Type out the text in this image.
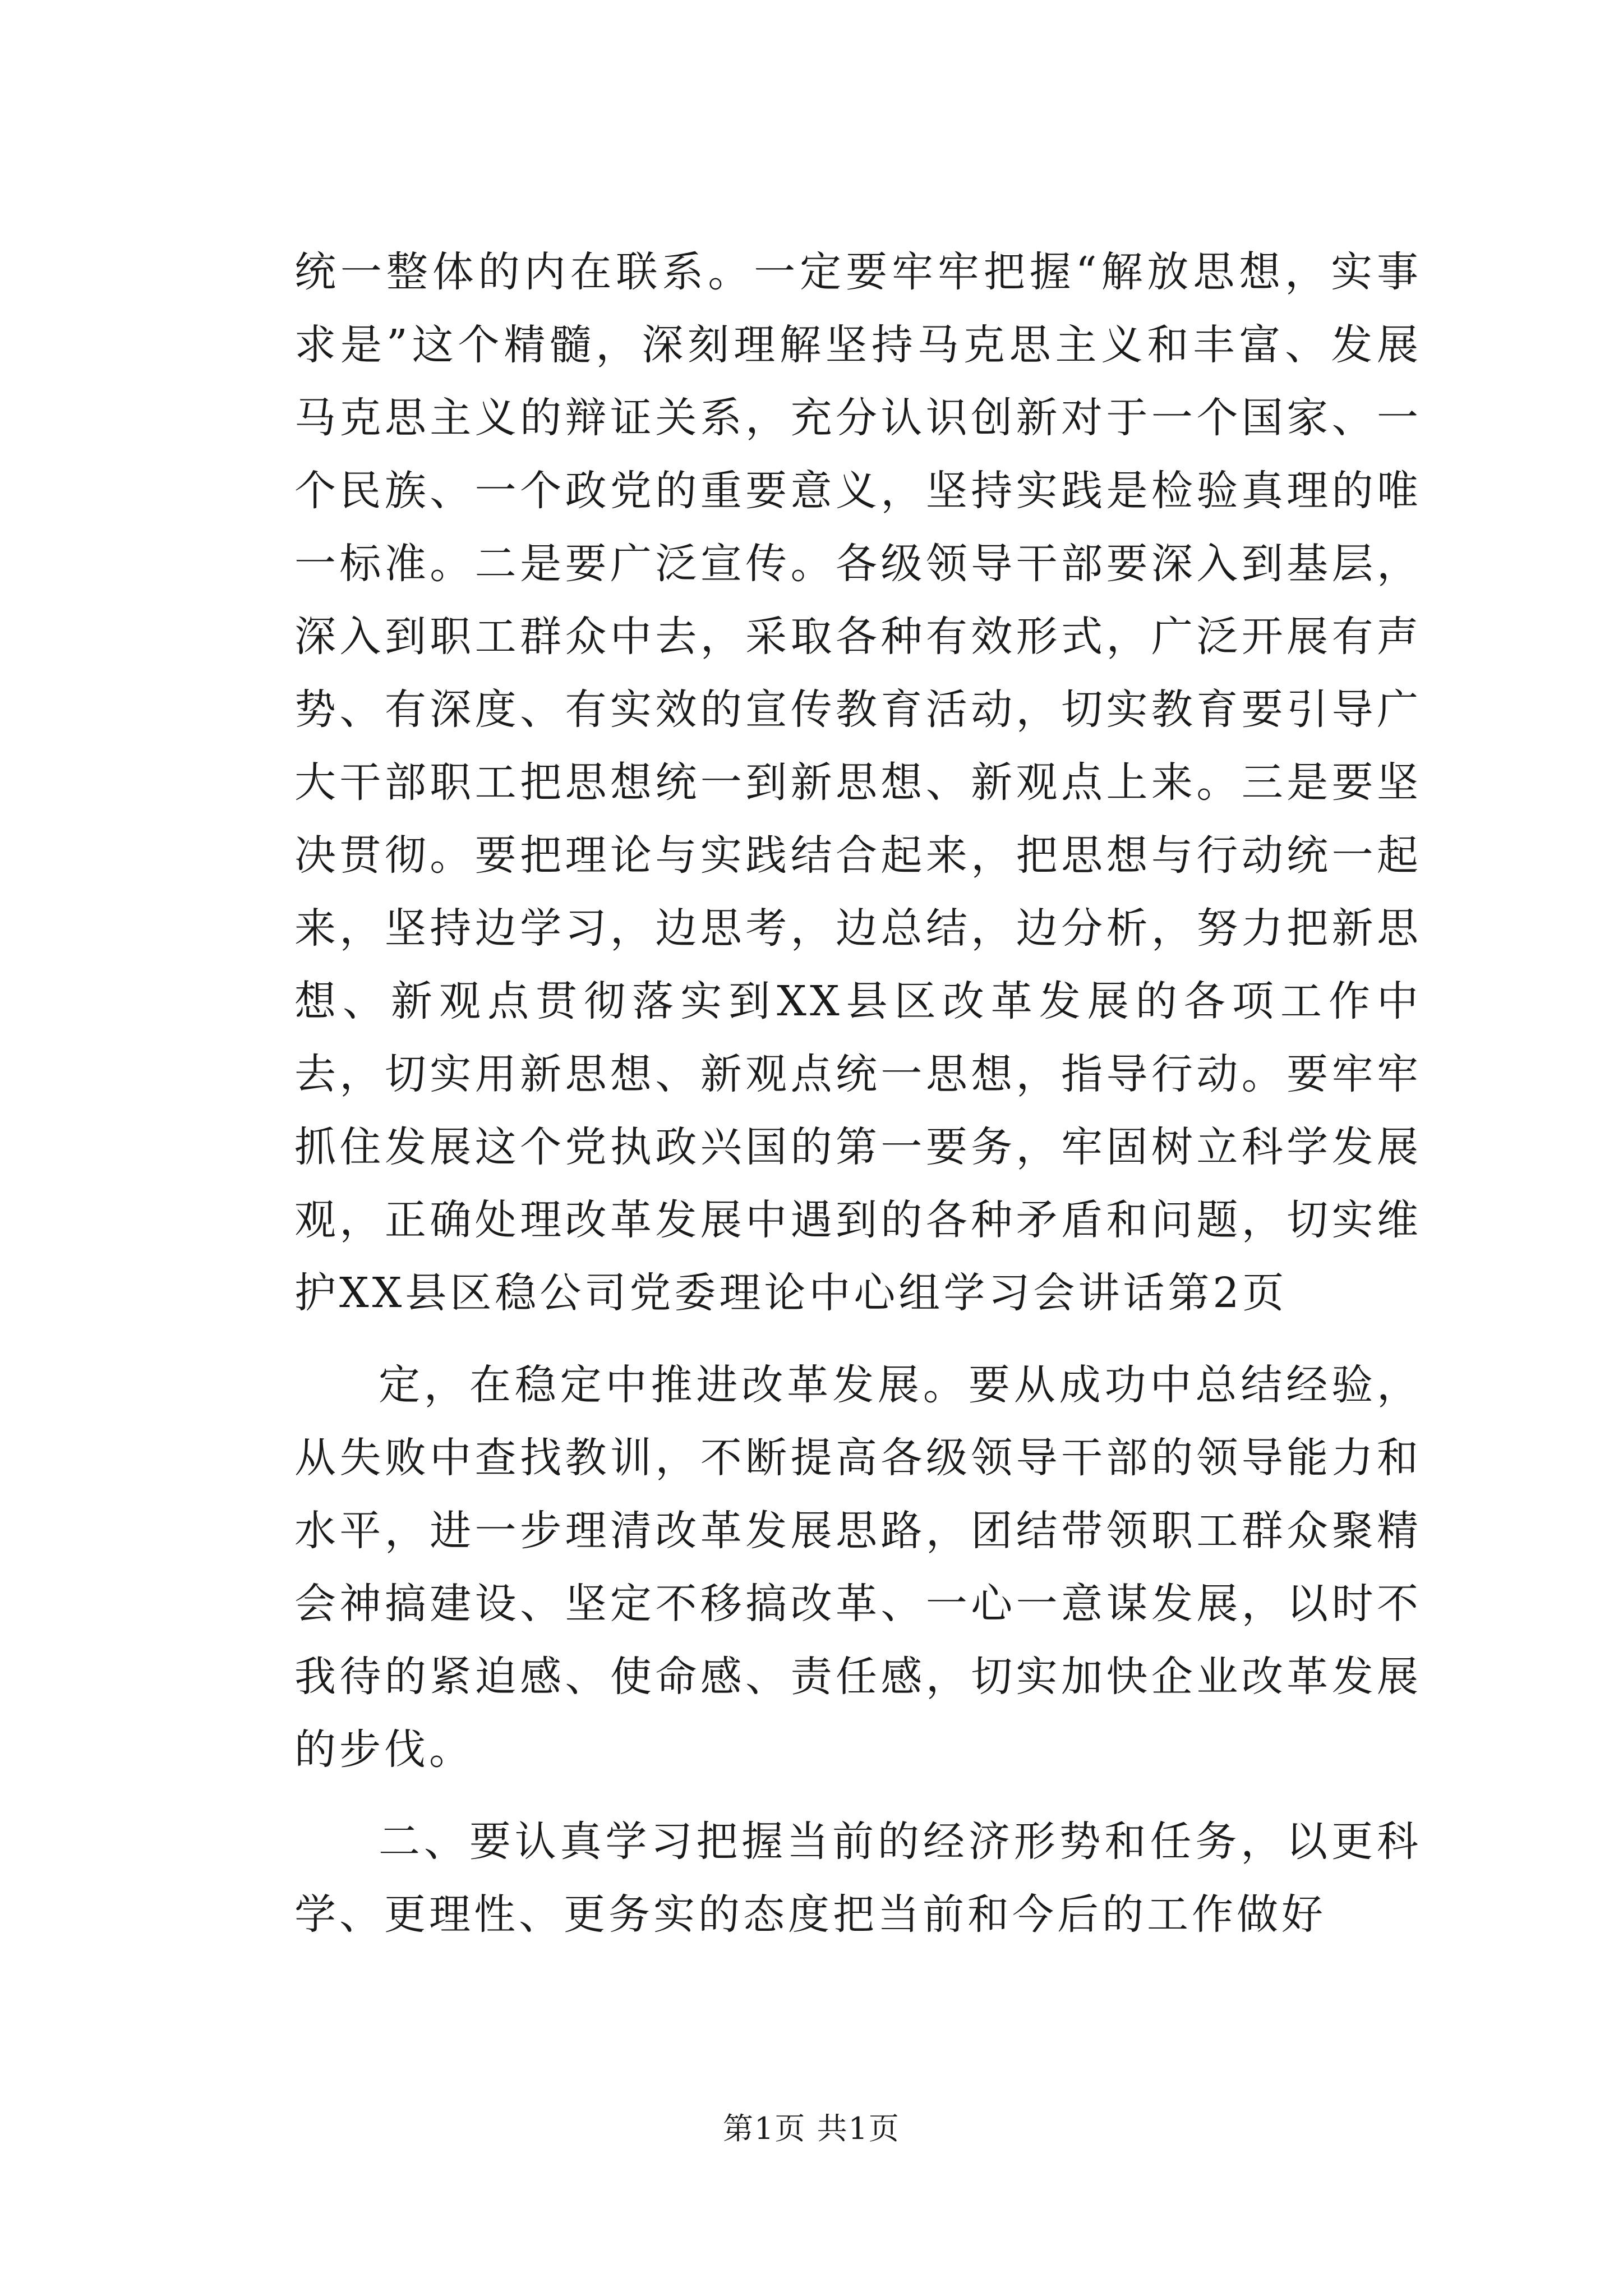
统一整体的内在联系。一定要牢牢把握“解放思想，实事求是”这个精髓，深刻理解坚持马克思主义和丰富、发展马克思主义的辩证关系，充分认识创新对于一个国家、一个民族、一个政党的重要意义，坚持实践是检验真理的唯一标准。二是要广泛宣传。各级领导干部要深入到基层，深入到职工群众中去，采取各种有效形式，广泛开展有声势、有深度、有实效的宣传教育活动，切实教育要引导广大干部职工把思想统一到新思想、新观点上来。三是要坚决贯彻。要把理论与实践结合起来，把思想与行动统一起来，坚持边学习，边思考，边总结，边分析，努力把新思想、新观点贯彻落实到XX县区改革发展的各项工作中去，切实用新思想、新观点统一思想，指导行动。要牢牢抓住发展这个党执政兴国的第一要务，牢固树立科学发展观，正确处理改革发展中遇到的各种矛盾和问题，切实维护XX县区稳公司党委理论中心组学习会讲话第2页

定，在稳定中推进改革发展。要从成功中总结经验，从失败中查找教训，不断提高各级领导干部的领导能力和水平，进一步理清改革发展思路，团结带领职工群众聚精会神搞建设、坚定不移搞改革、一心一意谋发展，以时不我待的紧迫感、使命感、责任感，切实加快企业改革发展的步伐。

二、要认真学习把握当前的经济形势和任务，以更科学、更理性、更务实的态度把当前和今后的工作做好

第1页 共1页
